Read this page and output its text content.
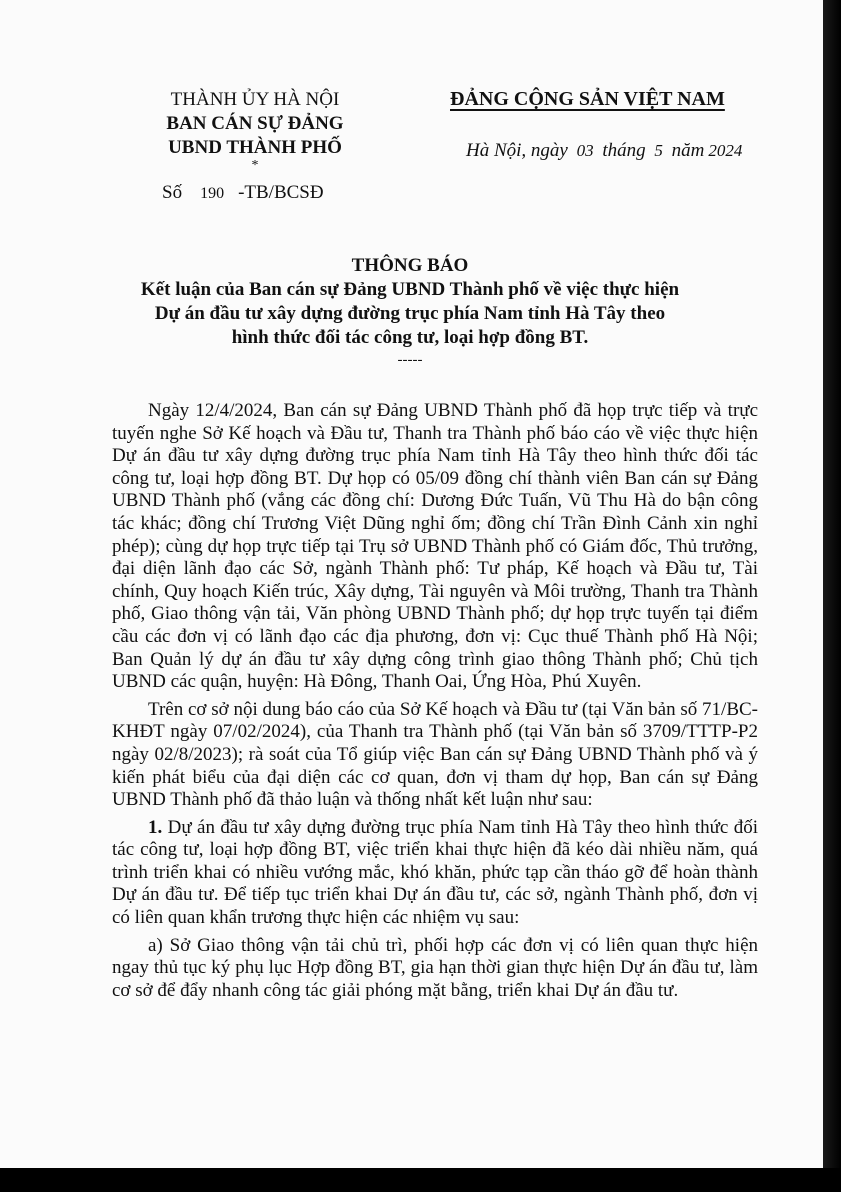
THÀNH ỦY HÀ NỘI
BAN CÁN SỰ ĐẢNG
UBND THÀNH PHỐ
*
Số 190 -TB/BCSĐ
ĐẢNG CỘNG SẢN VIỆT NAM
Hà Nội, ngày 03 tháng 5 năm 2024
THÔNG BÁO
Kết luận của Ban cán sự Đảng UBND Thành phố về việc thực hiện
Dự án đầu tư xây dựng đường trục phía Nam tỉnh Hà Tây theo
hình thức đối tác công tư, loại hợp đồng BT.
-----

Ngày 12/4/2024, Ban cán sự Đảng UBND Thành phố đã họp trực tiếp và trực tuyến nghe Sở Kế hoạch và Đầu tư, Thanh tra Thành phố báo cáo về việc thực hiện Dự án đầu tư xây dựng đường trục phía Nam tỉnh Hà Tây theo hình thức đối tác công tư, loại hợp đồng BT. Dự họp có 05/09 đồng chí thành viên Ban cán sự Đảng UBND Thành phố (vắng các đồng chí: Dương Đức Tuấn, Vũ Thu Hà do bận công tác khác; đồng chí Trương Việt Dũng nghỉ ốm; đồng chí Trần Đình Cảnh xin nghỉ phép); cùng dự họp trực tiếp tại Trụ sở UBND Thành phố có Giám đốc, Thủ trưởng, đại diện lãnh đạo các Sở, ngành Thành phố: Tư pháp, Kế hoạch và Đầu tư, Tài chính, Quy hoạch Kiến trúc, Xây dựng, Tài nguyên và Môi trường, Thanh tra Thành phố, Giao thông vận tải, Văn phòng UBND Thành phố; dự họp trực tuyến tại điểm cầu các đơn vị có lãnh đạo các địa phương, đơn vị: Cục thuế Thành phố Hà Nội; Ban Quản lý dự án đầu tư xây dựng công trình giao thông Thành phố; Chủ tịch UBND các quận, huyện: Hà Đông, Thanh Oai, Ứng Hòa, Phú Xuyên.

Trên cơ sở nội dung báo cáo của Sở Kế hoạch và Đầu tư (tại Văn bản số 71/BC-KHĐT ngày 07/02/2024), của Thanh tra Thành phố (tại Văn bản số 3709/TTTP-P2 ngày 02/8/2023); rà soát của Tổ giúp việc Ban cán sự Đảng UBND Thành phố và ý kiến phát biểu của đại diện các cơ quan, đơn vị tham dự họp, Ban cán sự Đảng UBND Thành phố đã thảo luận và thống nhất kết luận như sau:

1. Dự án đầu tư xây dựng đường trục phía Nam tỉnh Hà Tây theo hình thức đối tác công tư, loại hợp đồng BT, việc triển khai thực hiện đã kéo dài nhiều năm, quá trình triển khai có nhiều vướng mắc, khó khăn, phức tạp cần tháo gỡ để hoàn thành Dự án đầu tư. Để tiếp tục triển khai Dự án đầu tư, các sở, ngành Thành phố, đơn vị có liên quan khẩn trương thực hiện các nhiệm vụ sau:

a) Sở Giao thông vận tải chủ trì, phối hợp các đơn vị có liên quan thực hiện ngay thủ tục ký phụ lục Hợp đồng BT, gia hạn thời gian thực hiện Dự án đầu tư, làm cơ sở để đẩy nhanh công tác giải phóng mặt bằng, triển khai Dự án đầu tư.
